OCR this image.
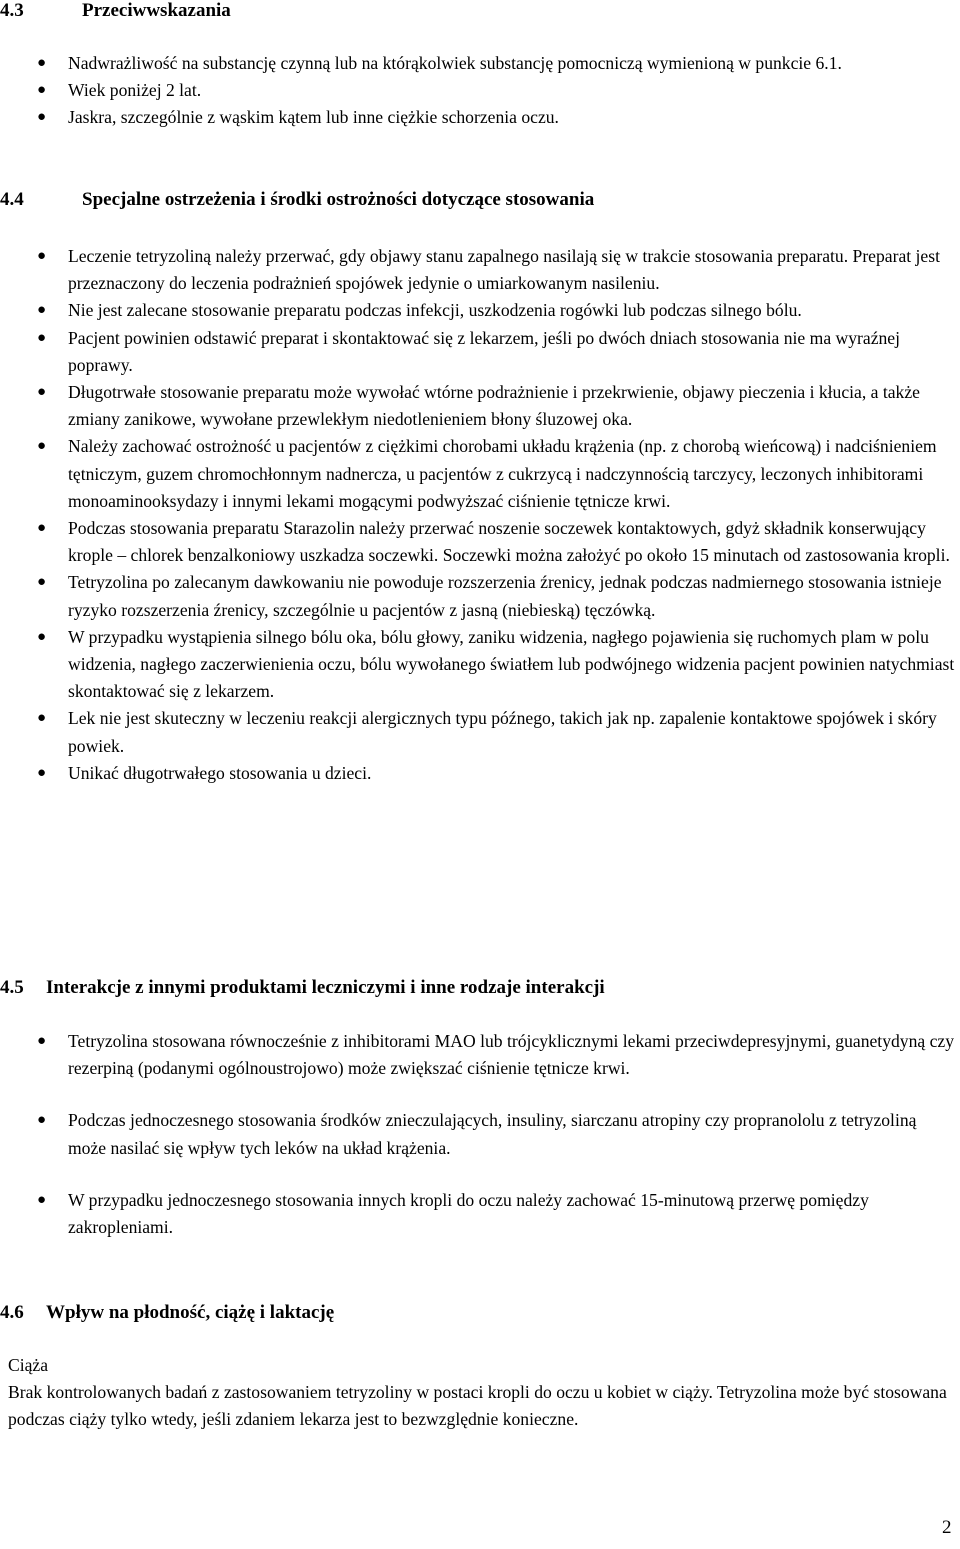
4.3	Przeciwwskazania
● Nadwrażliwość na substancję czynną lub na którąkolwiek substancję pomocniczą wymienioną w punkcie 6.1.
● Wiek poniżej 2 lat.
● Jaskra, szczególnie z wąskim kątem lub inne ciężkie schorzenia oczu.
4.4	Specjalne ostrzeżenia i środki ostrożności dotyczące stosowania
● Leczenie tetryzoliną należy przerwać, gdy objawy stanu zapalnego nasilają się w trakcie stosowania preparatu. Preparat jest przeznaczony do leczenia podrażnień spojówek jedynie o umiarkowanym nasileniu.
● Nie jest zalecane stosowanie preparatu podczas infekcji, uszkodzenia rogówki lub podczas silnego bólu.
● Pacjent powinien odstawić preparat i skontaktować się z lekarzem, jeśli po dwóch dniach stosowania nie ma wyraźnej poprawy.
● Długotrwałe stosowanie preparatu może wywołać wtórne podrażnienie i przekrwienie, objawy pieczenia i kłucia, a także zmiany zanikowe, wywołane przewlekłym niedotlenieniem błony śluzowej oka.
● Należy zachować ostrożność u pacjentów z ciężkimi chorobami układu krążenia (np. z chorobą wieńcową) i nadciśnieniem tętniczym, guzem chromochłonnym nadnercza, u pacjentów z cukrzycą i nadczynnością tarczycy, leczonych inhibitorami monoaminooksydazy i innymi lekami mogącymi podwyższać ciśnienie tętnicze krwi.
● Podczas stosowania preparatu Starazolin należy przerwać noszenie soczewek kontaktowych, gdyż składnik konserwujący krople – chlorek benzalkoniowy uszkadza soczewki. Soczewki można założyć po około 15 minutach od zastosowania kropli.
● Tetryzolina po zalecanym dawkowaniu nie powoduje rozszerzenia źrenicy, jednak podczas nadmiernego stosowania istnieje ryzyko rozszerzenia źrenicy, szczególnie u pacjentów z jasną (niebieską) tęczówką.
● W przypadku wystąpienia silnego bólu oka, bólu głowy, zaniku widzenia, nagłego pojawienia się ruchomych plam w polu widzenia, nagłego zaczerwienienia oczu, bólu wywołanego światłem lub podwójnego widzenia pacjent powinien natychmiast skontaktować się z lekarzem.
● Lek nie jest skuteczny w leczeniu reakcji alergicznych typu późnego, takich jak np. zapalenie kontaktowe spojówek i skóry powiek.
● Unikać długotrwałego stosowania u dzieci.
4.5 Interakcje z innymi produktami leczniczymi i inne rodzaje interakcji
● Tetryzolina stosowana równocześnie z inhibitorami MAO lub trójcyklicznymi lekami przeciwdepresyjnymi, guanetydyną czy rezerpiną (podanymi ogólnoustrojowo) może zwiększać ciśnienie tętnicze krwi.
● Podczas jednoczesnego stosowania środków znieczulających, insuliny, siarczanu atropiny czy propranololu z tetryzoliną może nasilać się wpływ tych leków na układ krążenia.
● W przypadku jednoczesnego stosowania innych kropli do oczu należy zachować 15-minutową przerwę pomiędzy zakropleniami.
4.6 Wpływ na płodność, ciążę i laktację

Ciąża

Brak kontrolowanych badań z zastosowaniem tetryzoliny w postaci kropli do oczu u kobiet w ciąży. Tetryzolina może być stosowana podczas ciąży tylko wtedy, jeśli zdaniem lekarza jest to bezwzględnie konieczne.

2
